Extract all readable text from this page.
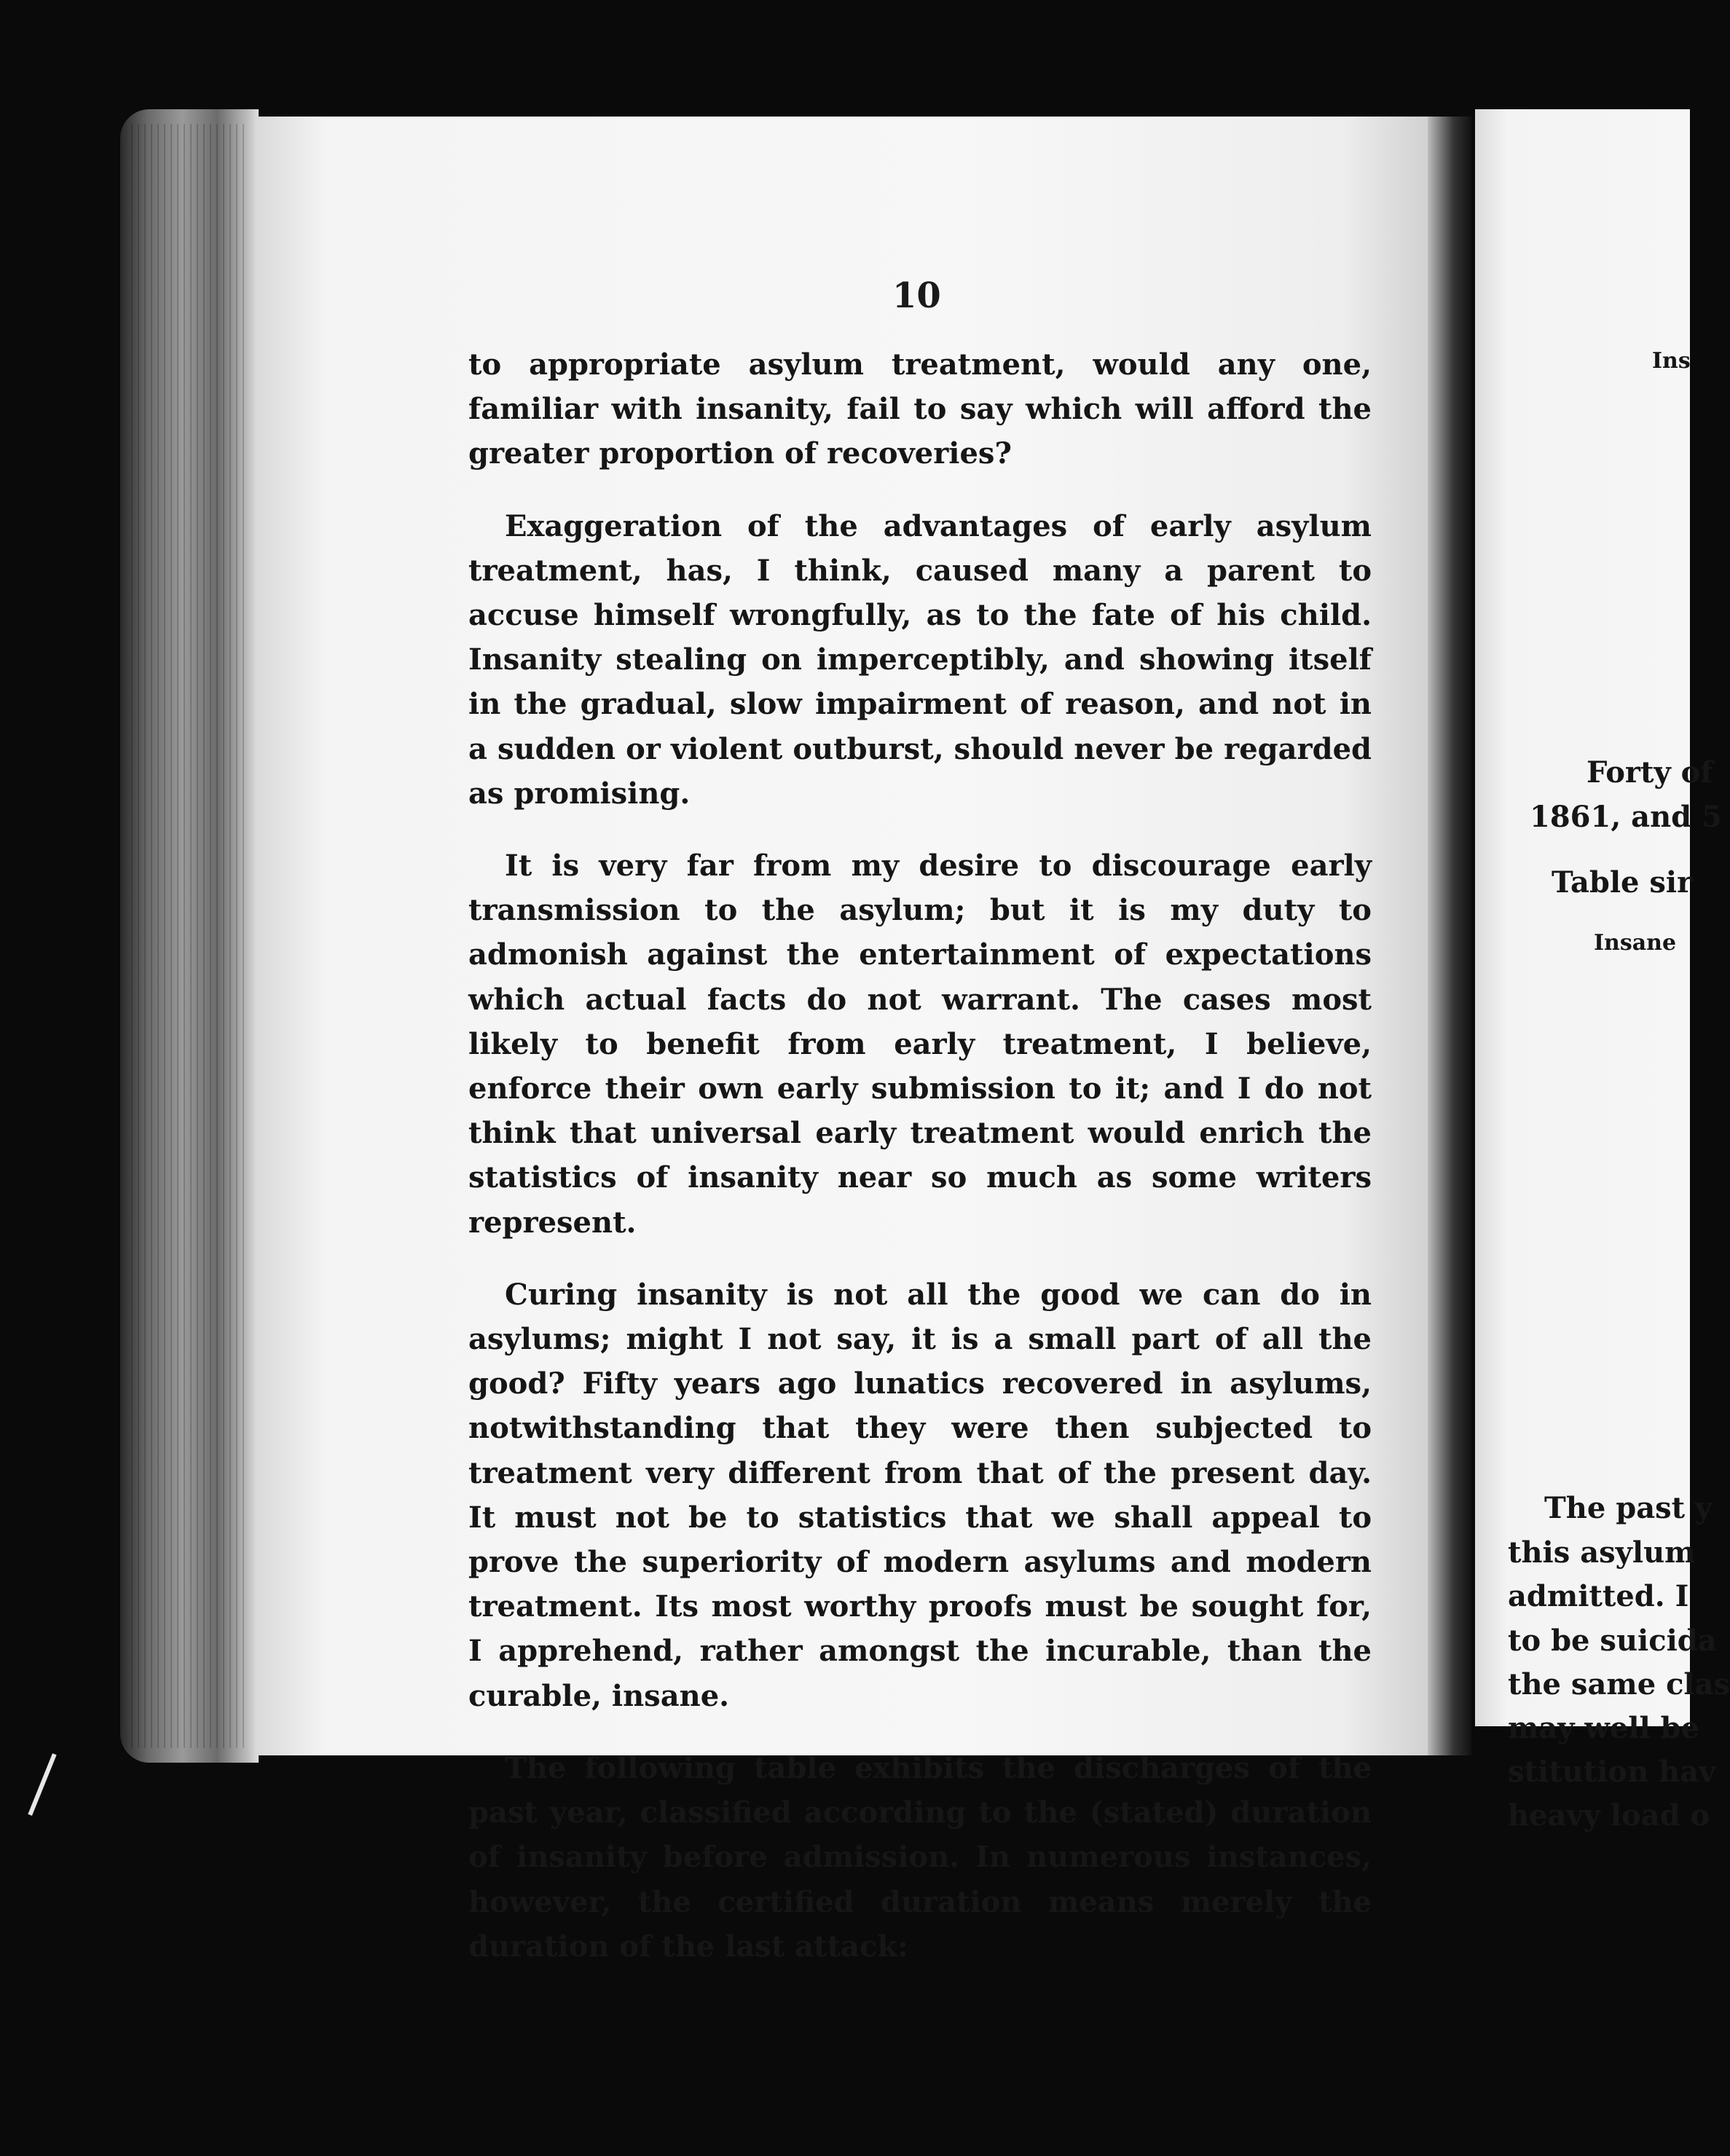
10

to appropriate asylum treatment, would any one, familiar with insanity, fail to say which will afford the greater proportion of recoveries?

Exaggeration of the advantages of early asylum treatment, has, I think, caused many a parent to accuse himself wrongfully, as to the fate of his child. Insanity stealing on imperceptibly, and showing itself in the gradual, slow impairment of reason, and not in a sudden or violent outburst, should never be regarded as promising.

It is very far from my desire to discourage early transmission to the asylum; but it is my duty to admonish against the entertainment of expectations which actual facts do not warrant. The cases most likely to benefit from early treatment, I believe, enforce their own early submission to it; and I do not think that universal early treatment would enrich the statistics of insanity near so much as some writers represent.

Curing insanity is not all the good we can do in asylums; might I not say, it is a small part of all the good? Fifty years ago lunatics recovered in asylums, notwithstanding that they were then subjected to treatment very different from that of the present day. It must not be to statistics that we shall appeal to prove the superiority of modern asylums and modern treatment. Its most worthy proofs must be sought for, I apprehend, rather amongst the incurable, than the curable, insane.

The following table exhibits the discharges of the past year, classified according to the (stated) duration of insanity before admission. In numerous instances, however, the certified duration means merely the duration of the last attack:

Ins
Forty of
1861, and 5
Table sir
Insane
The past y
this asylum
admitted. I
to be suicida
the same clas
may well be
stitution hav
heavy load o
